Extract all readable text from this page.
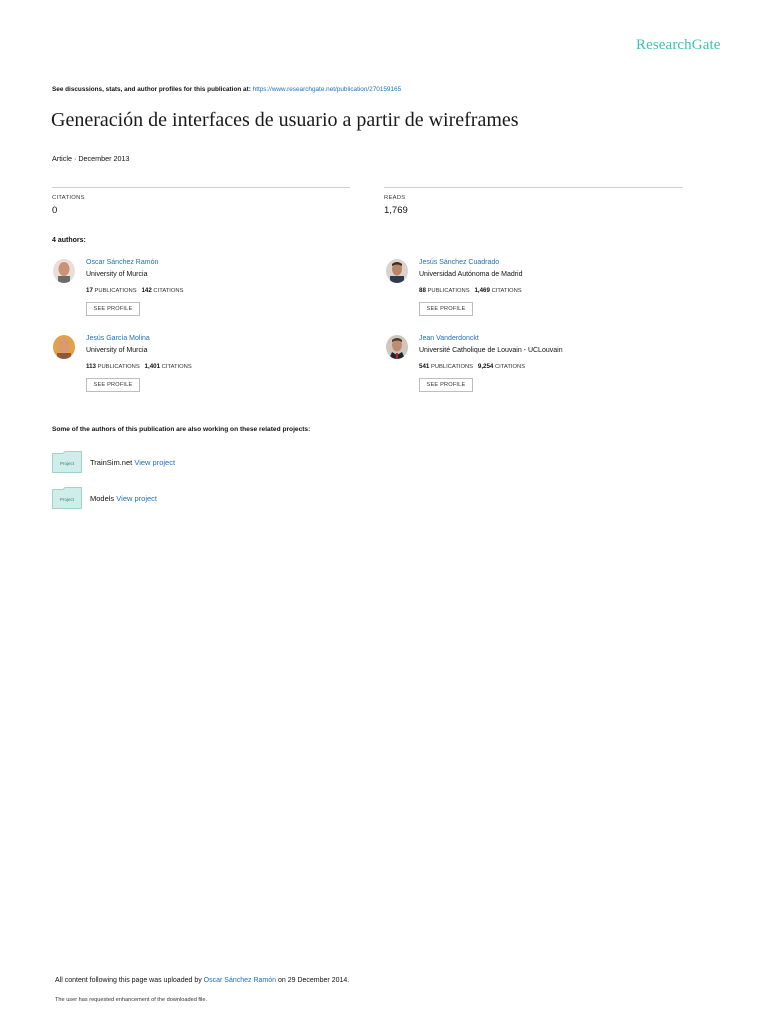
ResearchGate
See discussions, stats, and author profiles for this publication at: https://www.researchgate.net/publication/270159165
Generación de interfaces de usuario a partir de wireframes
Article · December 2013
CITATIONS
0
READS
1,769
4 authors:
Oscar Sánchez Ramón
University of Murcia
17 PUBLICATIONS 142 CITATIONS
SEE PROFILE
Jesús Sánchez Cuadrado
Universidad Autónoma de Madrid
88 PUBLICATIONS 1,469 CITATIONS
SEE PROFILE
Jesús García Molina
University of Murcia
113 PUBLICATIONS 1,401 CITATIONS
SEE PROFILE
Jean Vanderdonckt
Université Catholique de Louvain - UCLouvain
541 PUBLICATIONS 9,254 CITATIONS
SEE PROFILE
Some of the authors of this publication are also working on these related projects:
Project TrainSim.net View project
Project Models View project
All content following this page was uploaded by Oscar Sánchez Ramón on 29 December 2014.
The user has requested enhancement of the downloaded file.
